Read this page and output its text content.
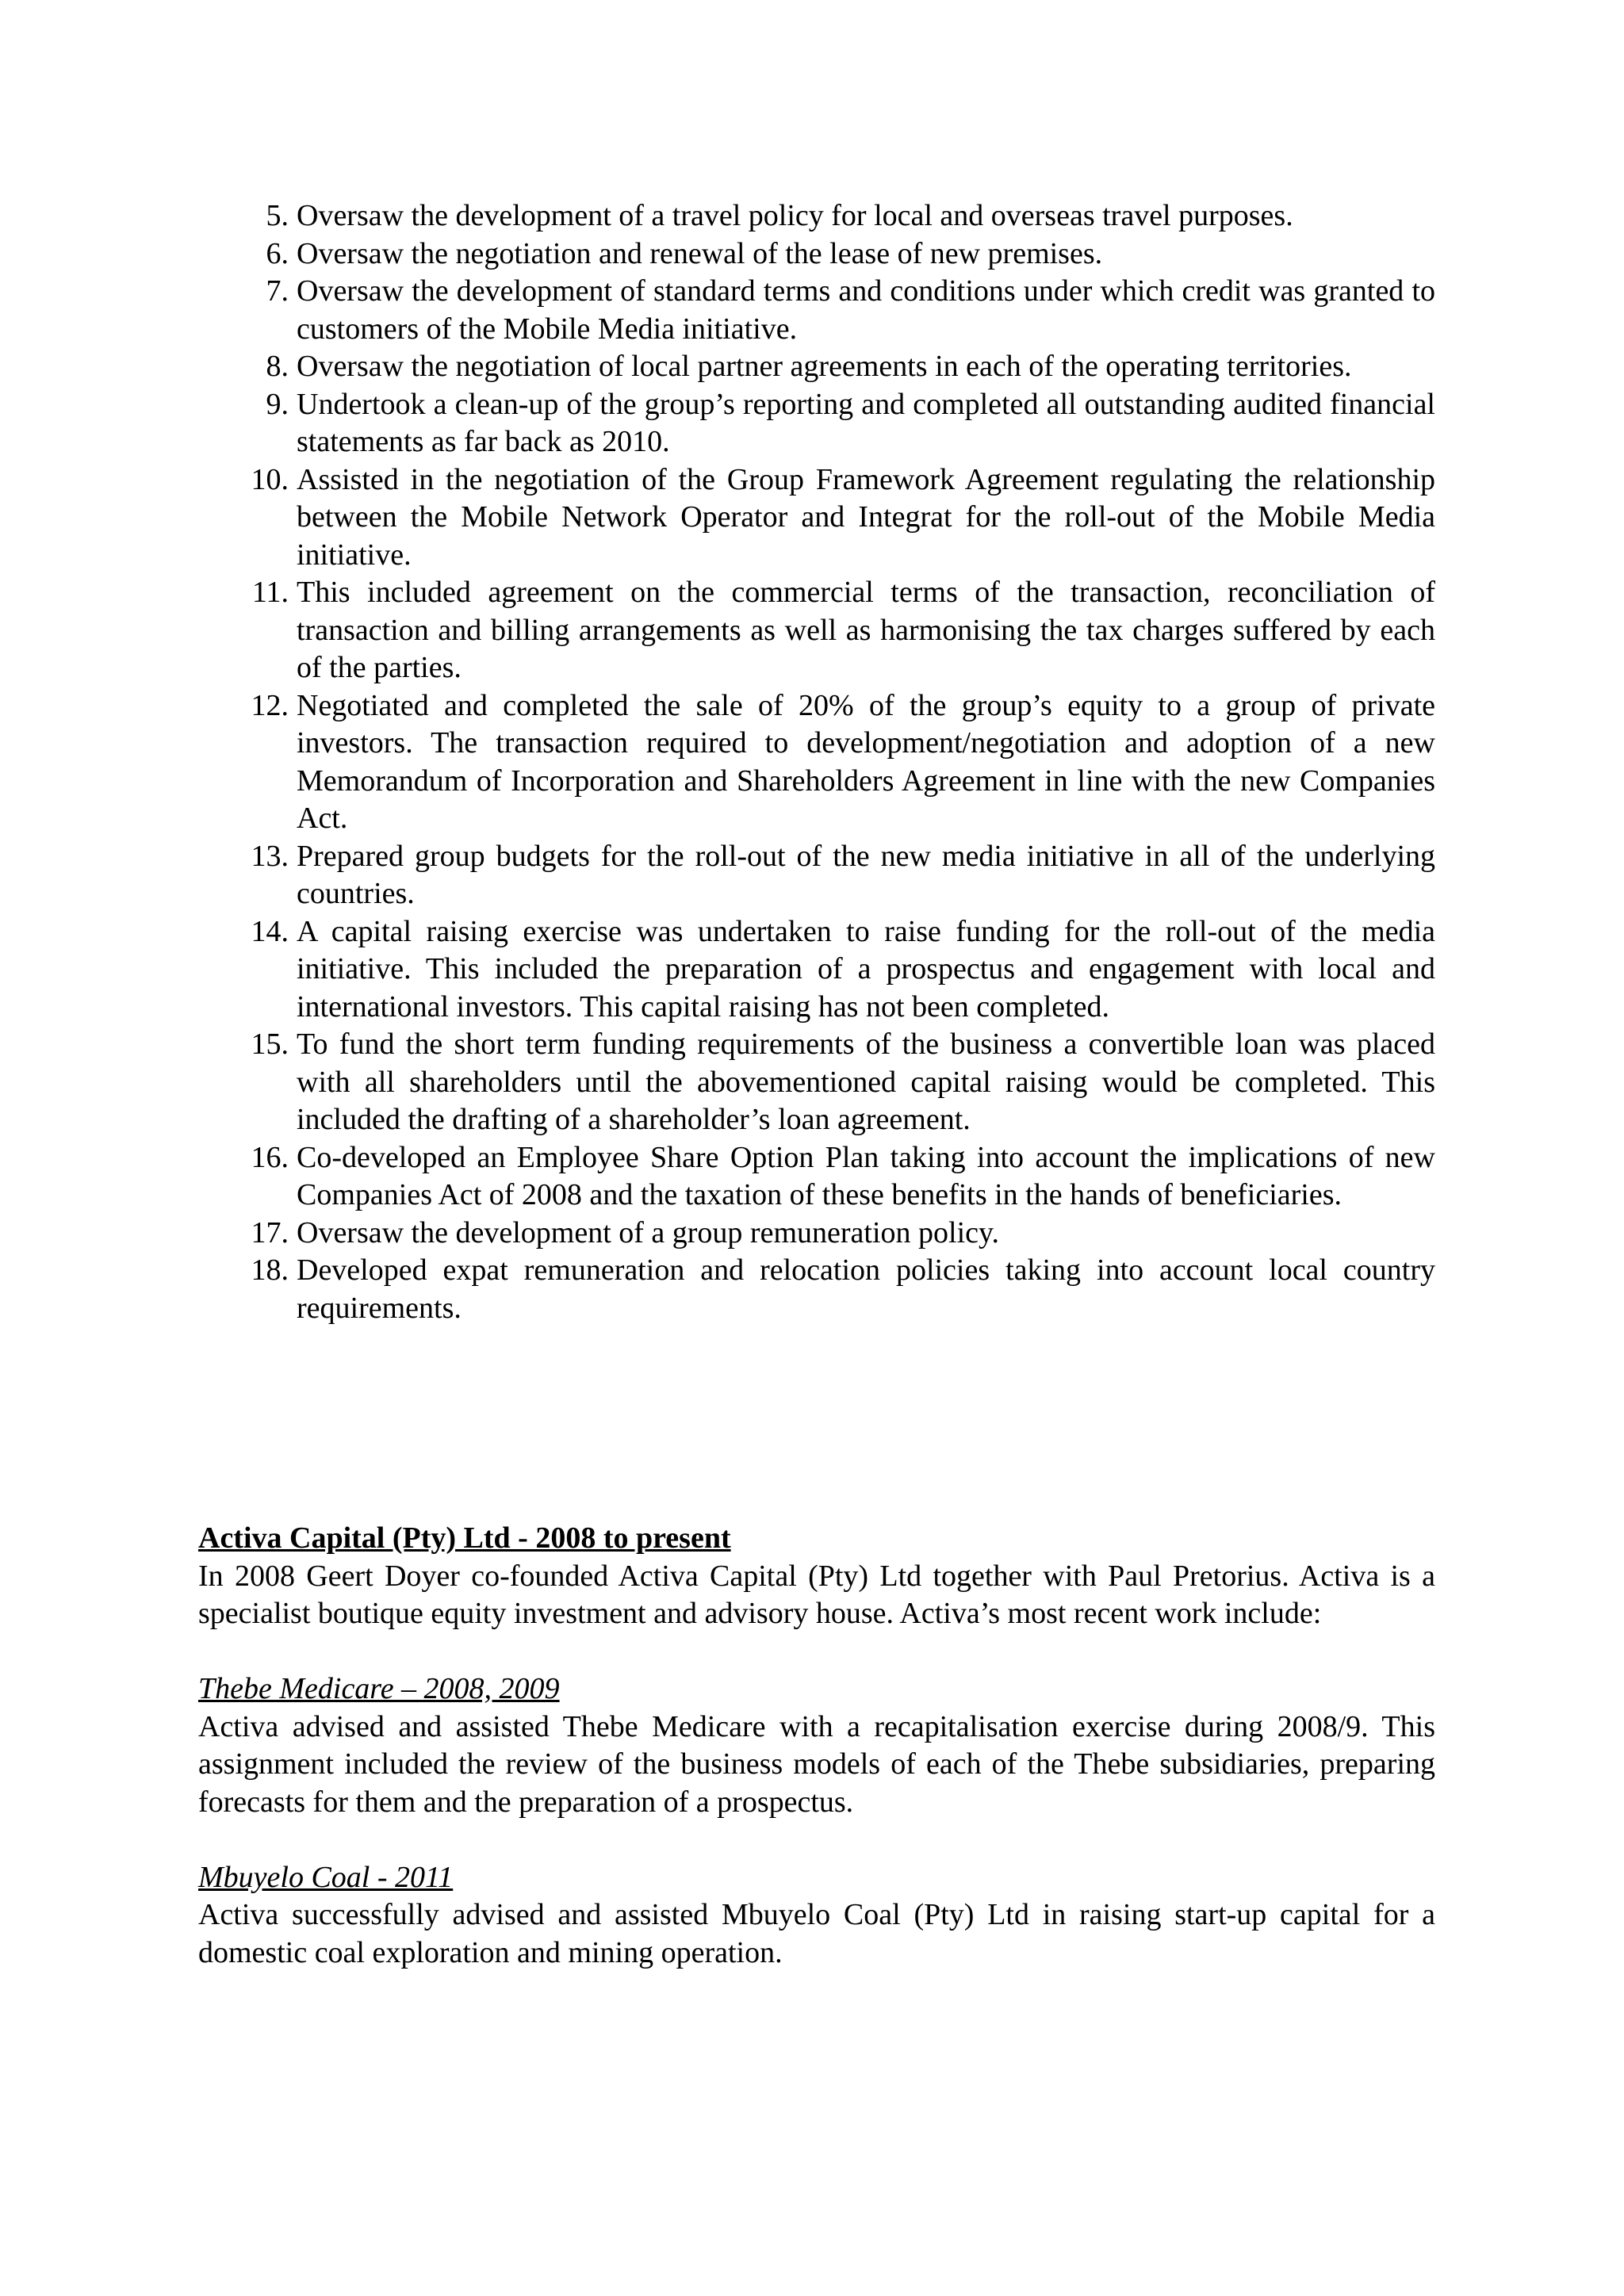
5. Oversaw the development of a travel policy for local and overseas travel purposes.
6. Oversaw the negotiation and renewal of the lease of new premises.
7. Oversaw the development of standard terms and conditions under which credit was granted to customers of the Mobile Media initiative.
8. Oversaw the negotiation of local partner agreements in each of the operating territories.
9. Undertook a clean-up of the group’s reporting and completed all outstanding audited financial statements as far back as 2010.
10. Assisted in the negotiation of the Group Framework Agreement regulating the relationship between the Mobile Network Operator and Integrat for the roll-out of the Mobile Media initiative.
11. This included agreement on the commercial terms of the transaction, reconciliation of transaction and billing arrangements as well as harmonising the tax charges suffered by each of the parties.
12. Negotiated and completed the sale of 20% of the group’s equity to a group of private investors. The transaction required to development/negotiation and adoption of a new Memorandum of Incorporation and Shareholders Agreement in line with the new Companies Act.
13. Prepared group budgets for the roll-out of the new media initiative in all of the underlying countries.
14. A capital raising exercise was undertaken to raise funding for the roll-out of the media initiative. This included the preparation of a prospectus and engagement with local and international investors. This capital raising has not been completed.
15. To fund the short term funding requirements of the business a convertible loan was placed with all shareholders until the abovementioned capital raising would be completed. This included the drafting of a shareholder’s loan agreement.
16. Co-developed an Employee Share Option Plan taking into account the implications of new Companies Act of 2008 and the taxation of these benefits in the hands of beneficiaries.
17. Oversaw the development of a group remuneration policy.
18. Developed expat remuneration and relocation policies taking into account local country requirements.

Activa Capital (Pty) Ltd - 2008 to present

In 2008 Geert Doyer co-founded Activa Capital (Pty) Ltd together with Paul Pretorius. Activa is a specialist boutique equity investment and advisory house. Activa’s most recent work include:

Thebe Medicare – 2008, 2009

Activa advised and assisted Thebe Medicare with a recapitalisation exercise during 2008/9. This assignment included the review of the business models of each of the Thebe subsidiaries, preparing forecasts for them and the preparation of a prospectus.

Mbuyelo Coal - 2011

Activa successfully advised and assisted Mbuyelo Coal (Pty) Ltd in raising start-up capital for a domestic coal exploration and mining operation.
